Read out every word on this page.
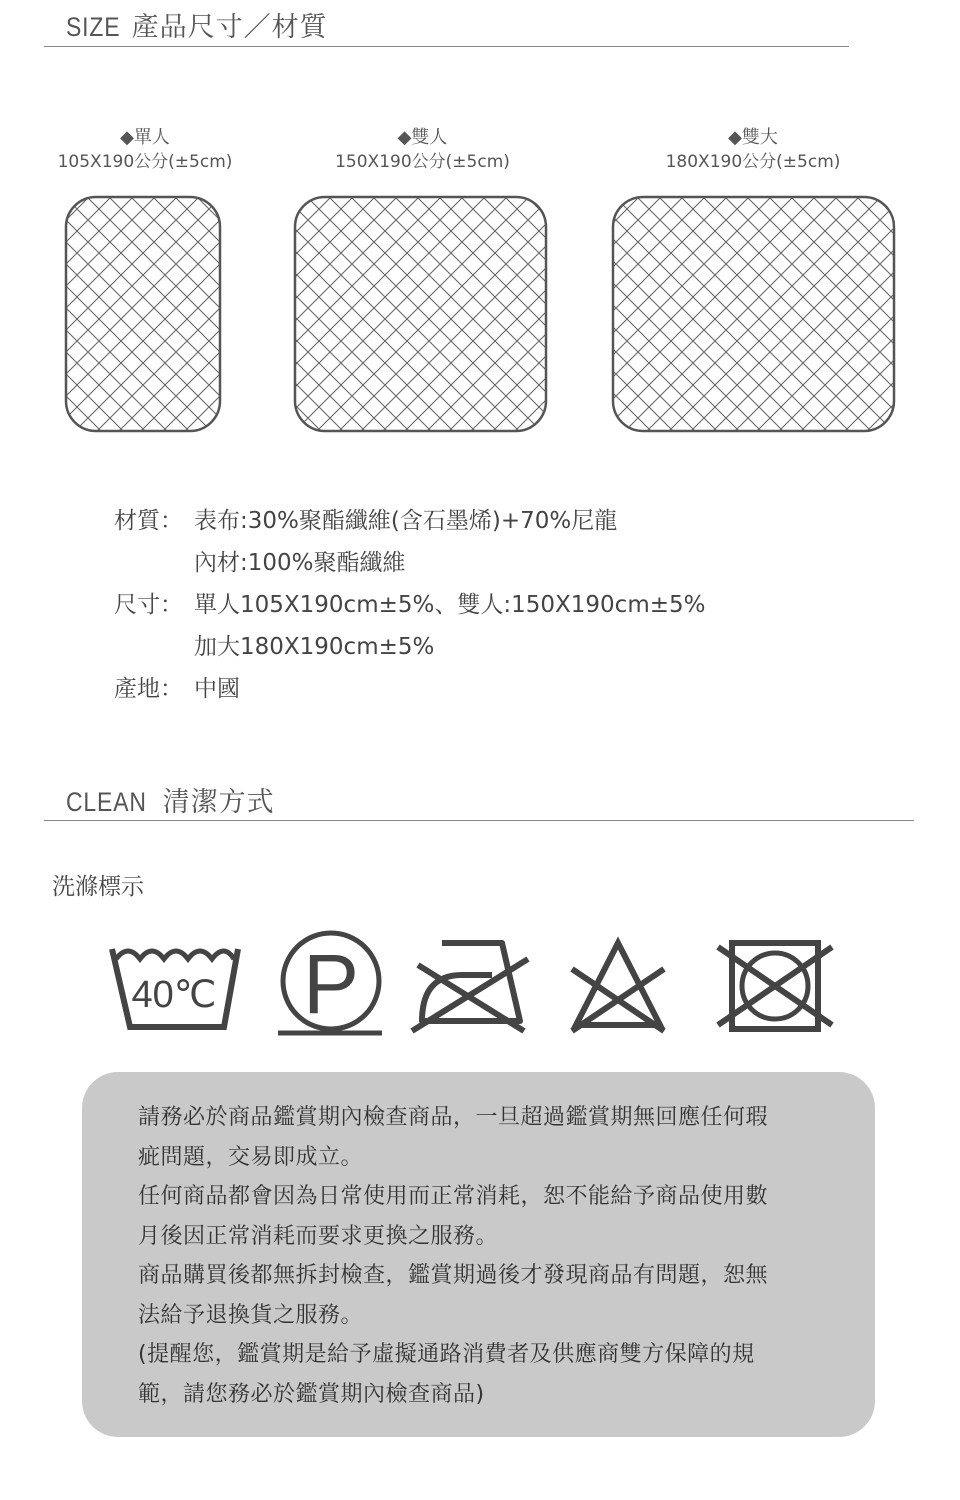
SIZE 產品尺寸／材質
◆單人
105X190公分(±5cm)
◆雙人
150X190公分(±5cm)
◆雙大
180X190公分(±5cm)
材質： 表布:30%聚酯纖維(含石墨烯)+70%尼龍
內材:100%聚酯纖維
尺寸： 單人105X190cm±5%、雙人:150X190cm±5%
加大180X190cm±5%
產地： 中國
CLEAN 清潔方式
洗滌標示
40℃ P
請務必於商品鑑賞期內檢查商品，一旦超過鑑賞期無回應任何瑕
疵問題，交易即成立。
任何商品都會因為日常使用而正常消耗，恕不能給予商品使用數
月後因正常消耗而要求更換之服務。
商品購買後都無拆封檢查，鑑賞期過後才發現商品有問題，恕無
法給予退換貨之服務。
(提醒您，鑑賞期是給予虛擬通路消費者及供應商雙方保障的規
範，請您務必於鑑賞期內檢查商品)
